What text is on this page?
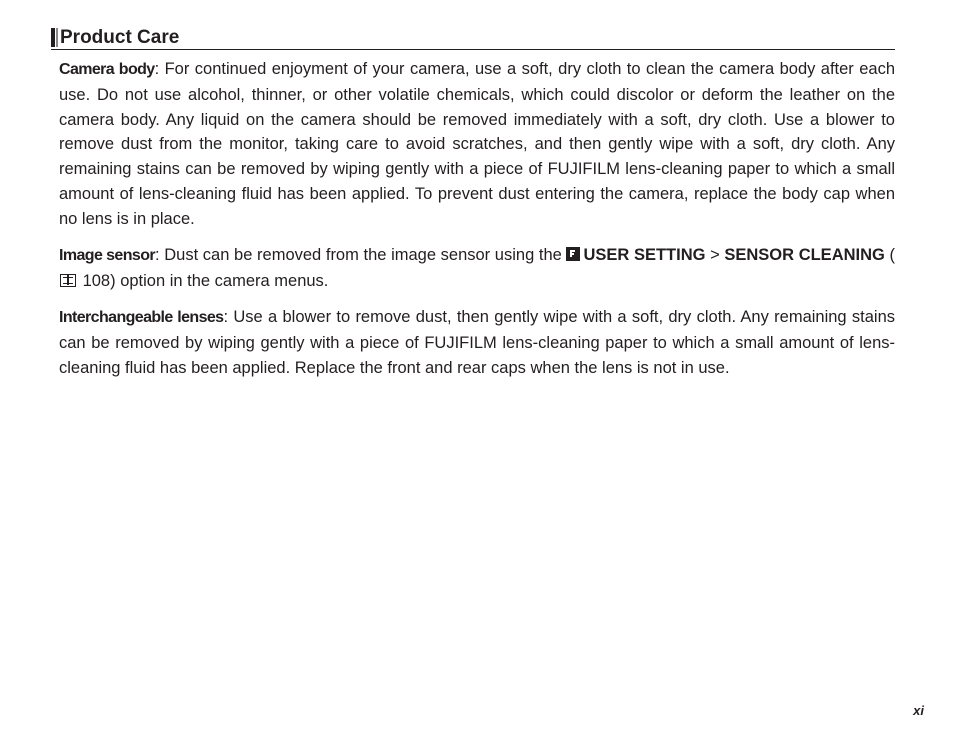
Product Care

Camera body: For continued enjoyment of your camera, use a soft, dry cloth to clean the camera body after each use. Do not use alcohol, thinner, or other volatile chemicals, which could discolor or deform the leather on the camera body. Any liquid on the camera should be removed immediately with a soft, dry cloth. Use a blower to remove dust from the monitor, taking care to avoid scratches, and then gently wipe with a soft, dry cloth. Any remaining stains can be removed by wiping gently with a piece of FUJIFILM lens-cleaning paper to which a small amount of lens-cleaning fluid has been applied. To prevent dust entering the camera, replace the body cap when no lens is in place.

Image sensor: Dust can be removed from the image sensor using the USER SETTING > SENSOR CLEANING ( 108) option in the camera menus.

Interchangeable lenses: Use a blower to remove dust, then gently wipe with a soft, dry cloth. Any remaining stains can be removed by wiping gently with a piece of FUJIFILM lens-cleaning paper to which a small amount of lens-cleaning fluid has been applied. Replace the front and rear caps when the lens is not in use.

xi
